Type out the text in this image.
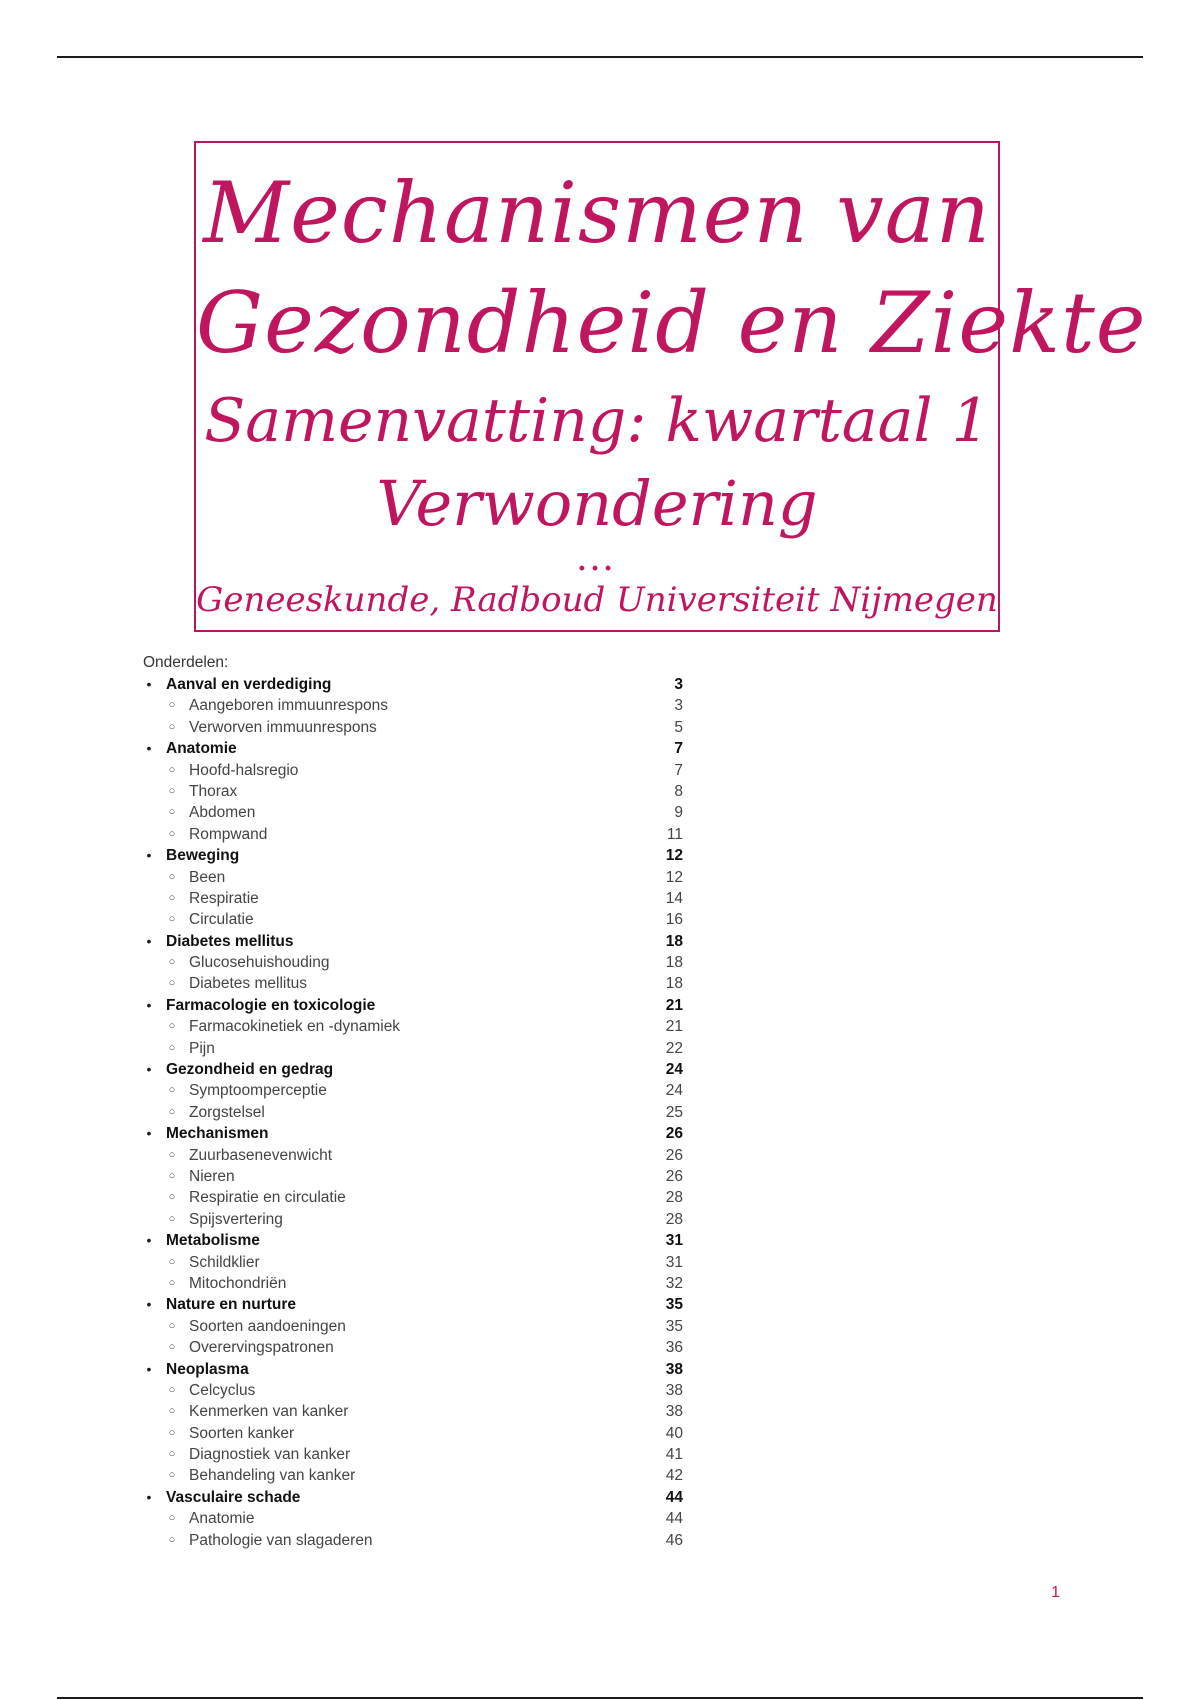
Mechanismen van
Gezondheid en Ziekte
Samenvatting: kwartaal 1
Verwondering
...
Geneeskunde, Radboud Universiteit Nijmegen
Onderdelen:
• Aanval en verdediging	3
○ Aangeboren immuunrespons	3
○ Verworven immuunrespons	5
• Anatomie	7
○ Hoofd-halsregio	7
○ Thorax	8
○ Abdomen	9
○ Rompwand	11
• Beweging	12
○ Been	12
○ Respiratie	14
○ Circulatie	16
• Diabetes mellitus	18
○ Glucosehuishouding	18
○ Diabetes mellitus	18
• Farmacologie en toxicologie	21
○ Farmacokinetiek en -dynamiek	21
○ Pijn	22
• Gezondheid en gedrag	24
○ Symptoomperceptie	24
○ Zorgstelsel	25
• Mechanismen	26
○ Zuurbasenevenwicht	26
○ Nieren	26
○ Respiratie en circulatie	28
○ Spijsvertering	28
• Metabolisme	31
○ Schildklier	31
○ Mitochondriën	32
• Nature en nurture	35
○ Soorten aandoeningen	35
○ Overervingspatronen	36
• Neoplasma	38
○ Celcyclus	38
○ Kenmerken van kanker	38
○ Soorten kanker	40
○ Diagnostiek van kanker	41
○ Behandeling van kanker	42
• Vasculaire schade	44
○ Anatomie	44
○ Pathologie van slagaderen	46
1
